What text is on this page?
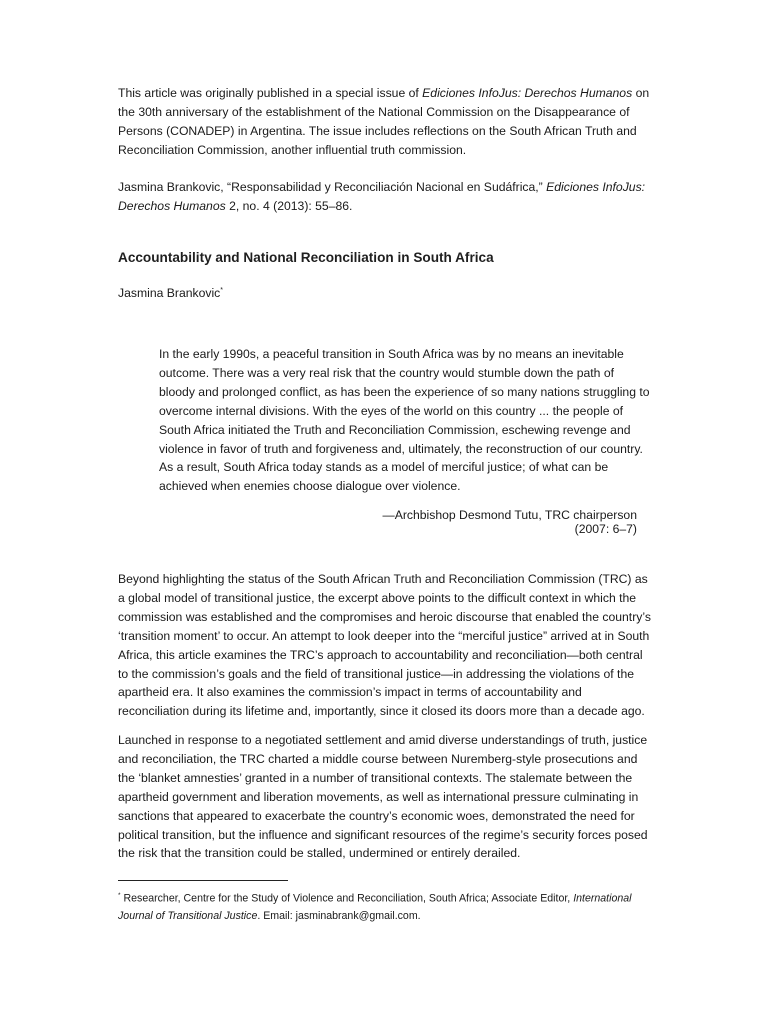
This article was originally published in a special issue of Ediciones InfoJus: Derechos Humanos on the 30th anniversary of the establishment of the National Commission on the Disappearance of Persons (CONADEP) in Argentina. The issue includes reflections on the South African Truth and Reconciliation Commission, another influential truth commission.

Jasmina Brankovic, “Responsabilidad y Reconciliación Nacional en Sudáfrica,” Ediciones InfoJus: Derechos Humanos 2, no. 4 (2013): 55–86.

Accountability and National Reconciliation in South Africa
Jasmina Brankovic*

In the early 1990s, a peaceful transition in South Africa was by no means an inevitable outcome. There was a very real risk that the country would stumble down the path of bloody and prolonged conflict, as has been the experience of so many nations struggling to overcome internal divisions. With the eyes of the world on this country ... the people of South Africa initiated the Truth and Reconciliation Commission, eschewing revenge and violence in favor of truth and forgiveness and, ultimately, the reconstruction of our country. As a result, South Africa today stands as a model of merciful justice; of what can be achieved when enemies choose dialogue over violence.

—Archbishop Desmond Tutu, TRC chairperson (2007: 6–7)

Beyond highlighting the status of the South African Truth and Reconciliation Commission (TRC) as a global model of transitional justice, the excerpt above points to the difficult context in which the commission was established and the compromises and heroic discourse that enabled the country’s ‘transition moment’ to occur. An attempt to look deeper into the “merciful justice” arrived at in South Africa, this article examines the TRC’s approach to accountability and reconciliation—both central to the commission’s goals and the field of transitional justice—in addressing the violations of the apartheid era. It also examines the commission’s impact in terms of accountability and reconciliation during its lifetime and, importantly, since it closed its doors more than a decade ago.

Launched in response to a negotiated settlement and amid diverse understandings of truth, justice and reconciliation, the TRC charted a middle course between Nuremberg-style prosecutions and the ‘blanket amnesties’ granted in a number of transitional contexts. The stalemate between the apartheid government and liberation movements, as well as international pressure culminating in sanctions that appeared to exacerbate the country’s economic woes, demonstrated the need for political transition, but the influence and significant resources of the regime’s security forces posed the risk that the transition could be stalled, undermined or entirely derailed.

* Researcher, Centre for the Study of Violence and Reconciliation, South Africa; Associate Editor, International Journal of Transitional Justice. Email: jasminabrank@gmail.com.
